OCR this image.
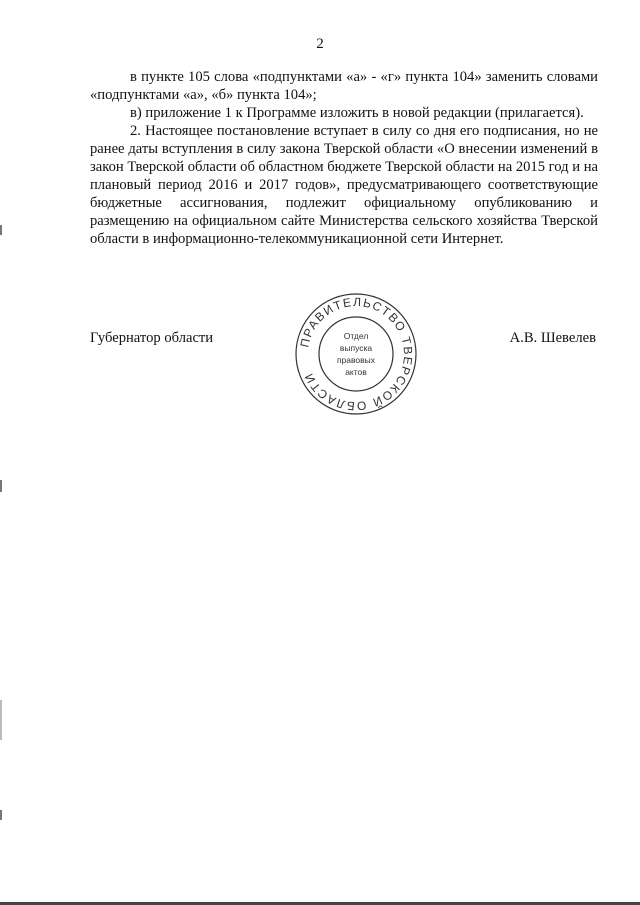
2

в пункте 105 слова «подпунктами «а» - «г» пункта 104» заменить словами «подпунктами «а», «б» пункта 104»;

в) приложение 1 к Программе изложить в новой редакции (прилагается).

2. Настоящее постановление вступает в силу со дня его подписания, но не ранее даты вступления в силу закона Тверской области «О внесении изменений в закон Тверской области об областном бюджете Тверской области на 2015 год и на плановый период 2016 и 2017 годов», предусматривающего соответствующие бюджетные ассигнования, подлежит официальному опубликованию и размещению на официальном сайте Министерства сельского хозяйства Тверской области в информационно-телекоммуникационной сети Интернет.

Губернатор области	А.В. Шевелев
ПРАВИТЕЛЬСТВО ТВЕРСКОЙ ОБЛАСТИ
Отдел
выпуска
правовых
актов
